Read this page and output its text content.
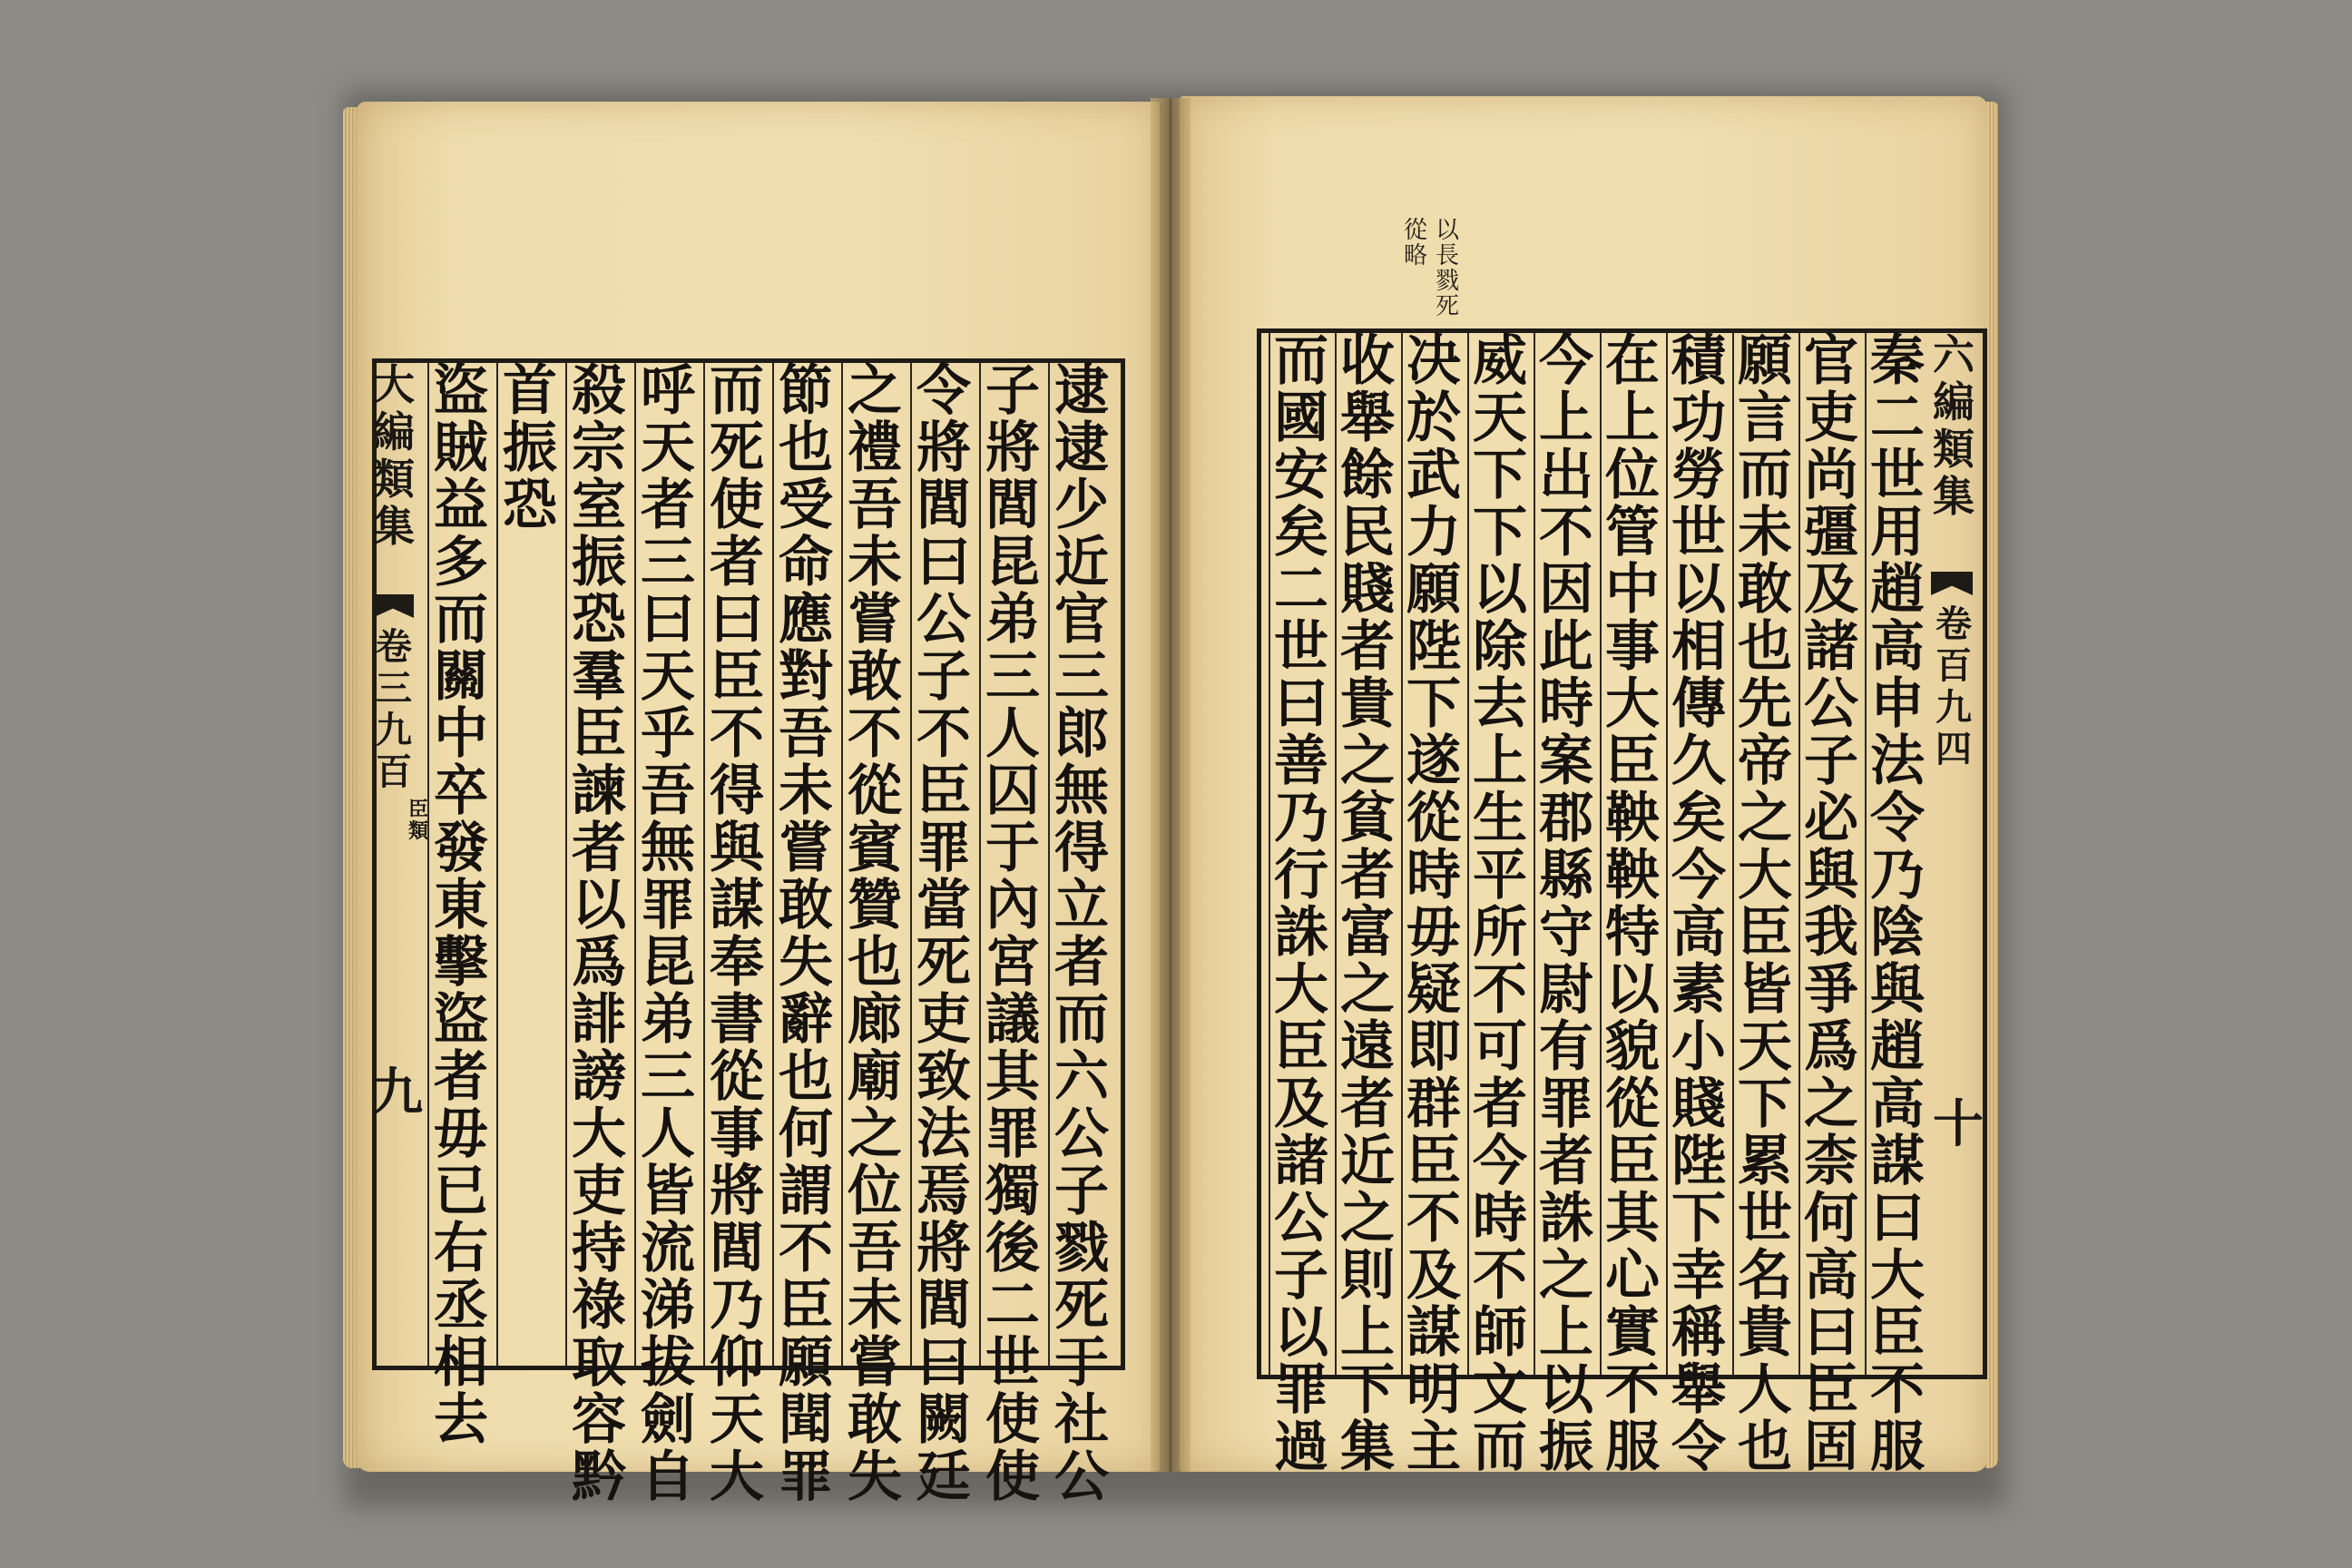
逮
逮
少
近
官
三
郎
無
得
立
者
而
六
公
子
戮
死
于
社
公
子
將
閭
昆
弟
三
人
囚
于
內
宮
議
其
罪
獨
後
二
世
使
使
令
將
閭
曰
公
子
不
臣
罪
當
死
吏
致
法
焉
將
閭
曰
闕
廷
之
禮
吾
未
嘗
敢
不
從
賓
贊
也
廊
廟
之
位
吾
未
嘗
敢
失
節
也
受
命
應
對
吾
未
嘗
敢
失
辭
也
何
謂
不
臣
願
聞
罪
而
死
使
者
曰
臣
不
得
與
謀
奉
書
從
事
將
閭
乃
仰
天
大
呼
天
者
三
曰
天
乎
吾
無
罪
昆
弟
三
人
皆
流
涕
拔
劍
自
殺
宗
室
振
恐
羣
臣
諫
者
以
爲
誹
謗
大
吏
持
祿
取
容
黔
首
振
恐
盜
賊
益
多
而
關
中
卒
發
東
擊
盜
者
毋
已
右
丞
相
去
大
編
類
集
卷
三
九
百
臣
類
九
秦
二
世
用
趙
高
申
法
令
乃
陰
與
趙
高
謀
曰
大
臣
不
服
官
吏
尚
彊
及
諸
公
子
必
與
我
爭
爲
之
柰
何
高
曰
臣
固
願
言
而
未
敢
也
先
帝
之
大
臣
皆
天
下
累
世
名
貴
人
也
積
功
勞
世
以
相
傳
久
矣
今
高
素
小
賤
陛
下
幸
稱
舉
令
在
上
位
管
中
事
大
臣
鞅
鞅
特
以
貌
從
臣
其
心
實
不
服
今
上
出
不
因
此
時
案
郡
縣
守
尉
有
罪
者
誅
之
上
以
振
威
天
下
下
以
除
去
上
生
平
所
不
可
者
今
時
不
師
文
而
决
於
武
力
願
陛
下
遂
從
時
毋
疑
即
群
臣
不
及
謀
明
主
收
舉
餘
民
賤
者
貴
之
貧
者
富
之
遠
者
近
之
則
上
下
集
而
國
安
矣
二
世
曰
善
乃
行
誅
大
臣
及
諸
公
子
以
罪
過
六
編
類
集
卷
百
九
四
十
以
長
戮
死
從
略
